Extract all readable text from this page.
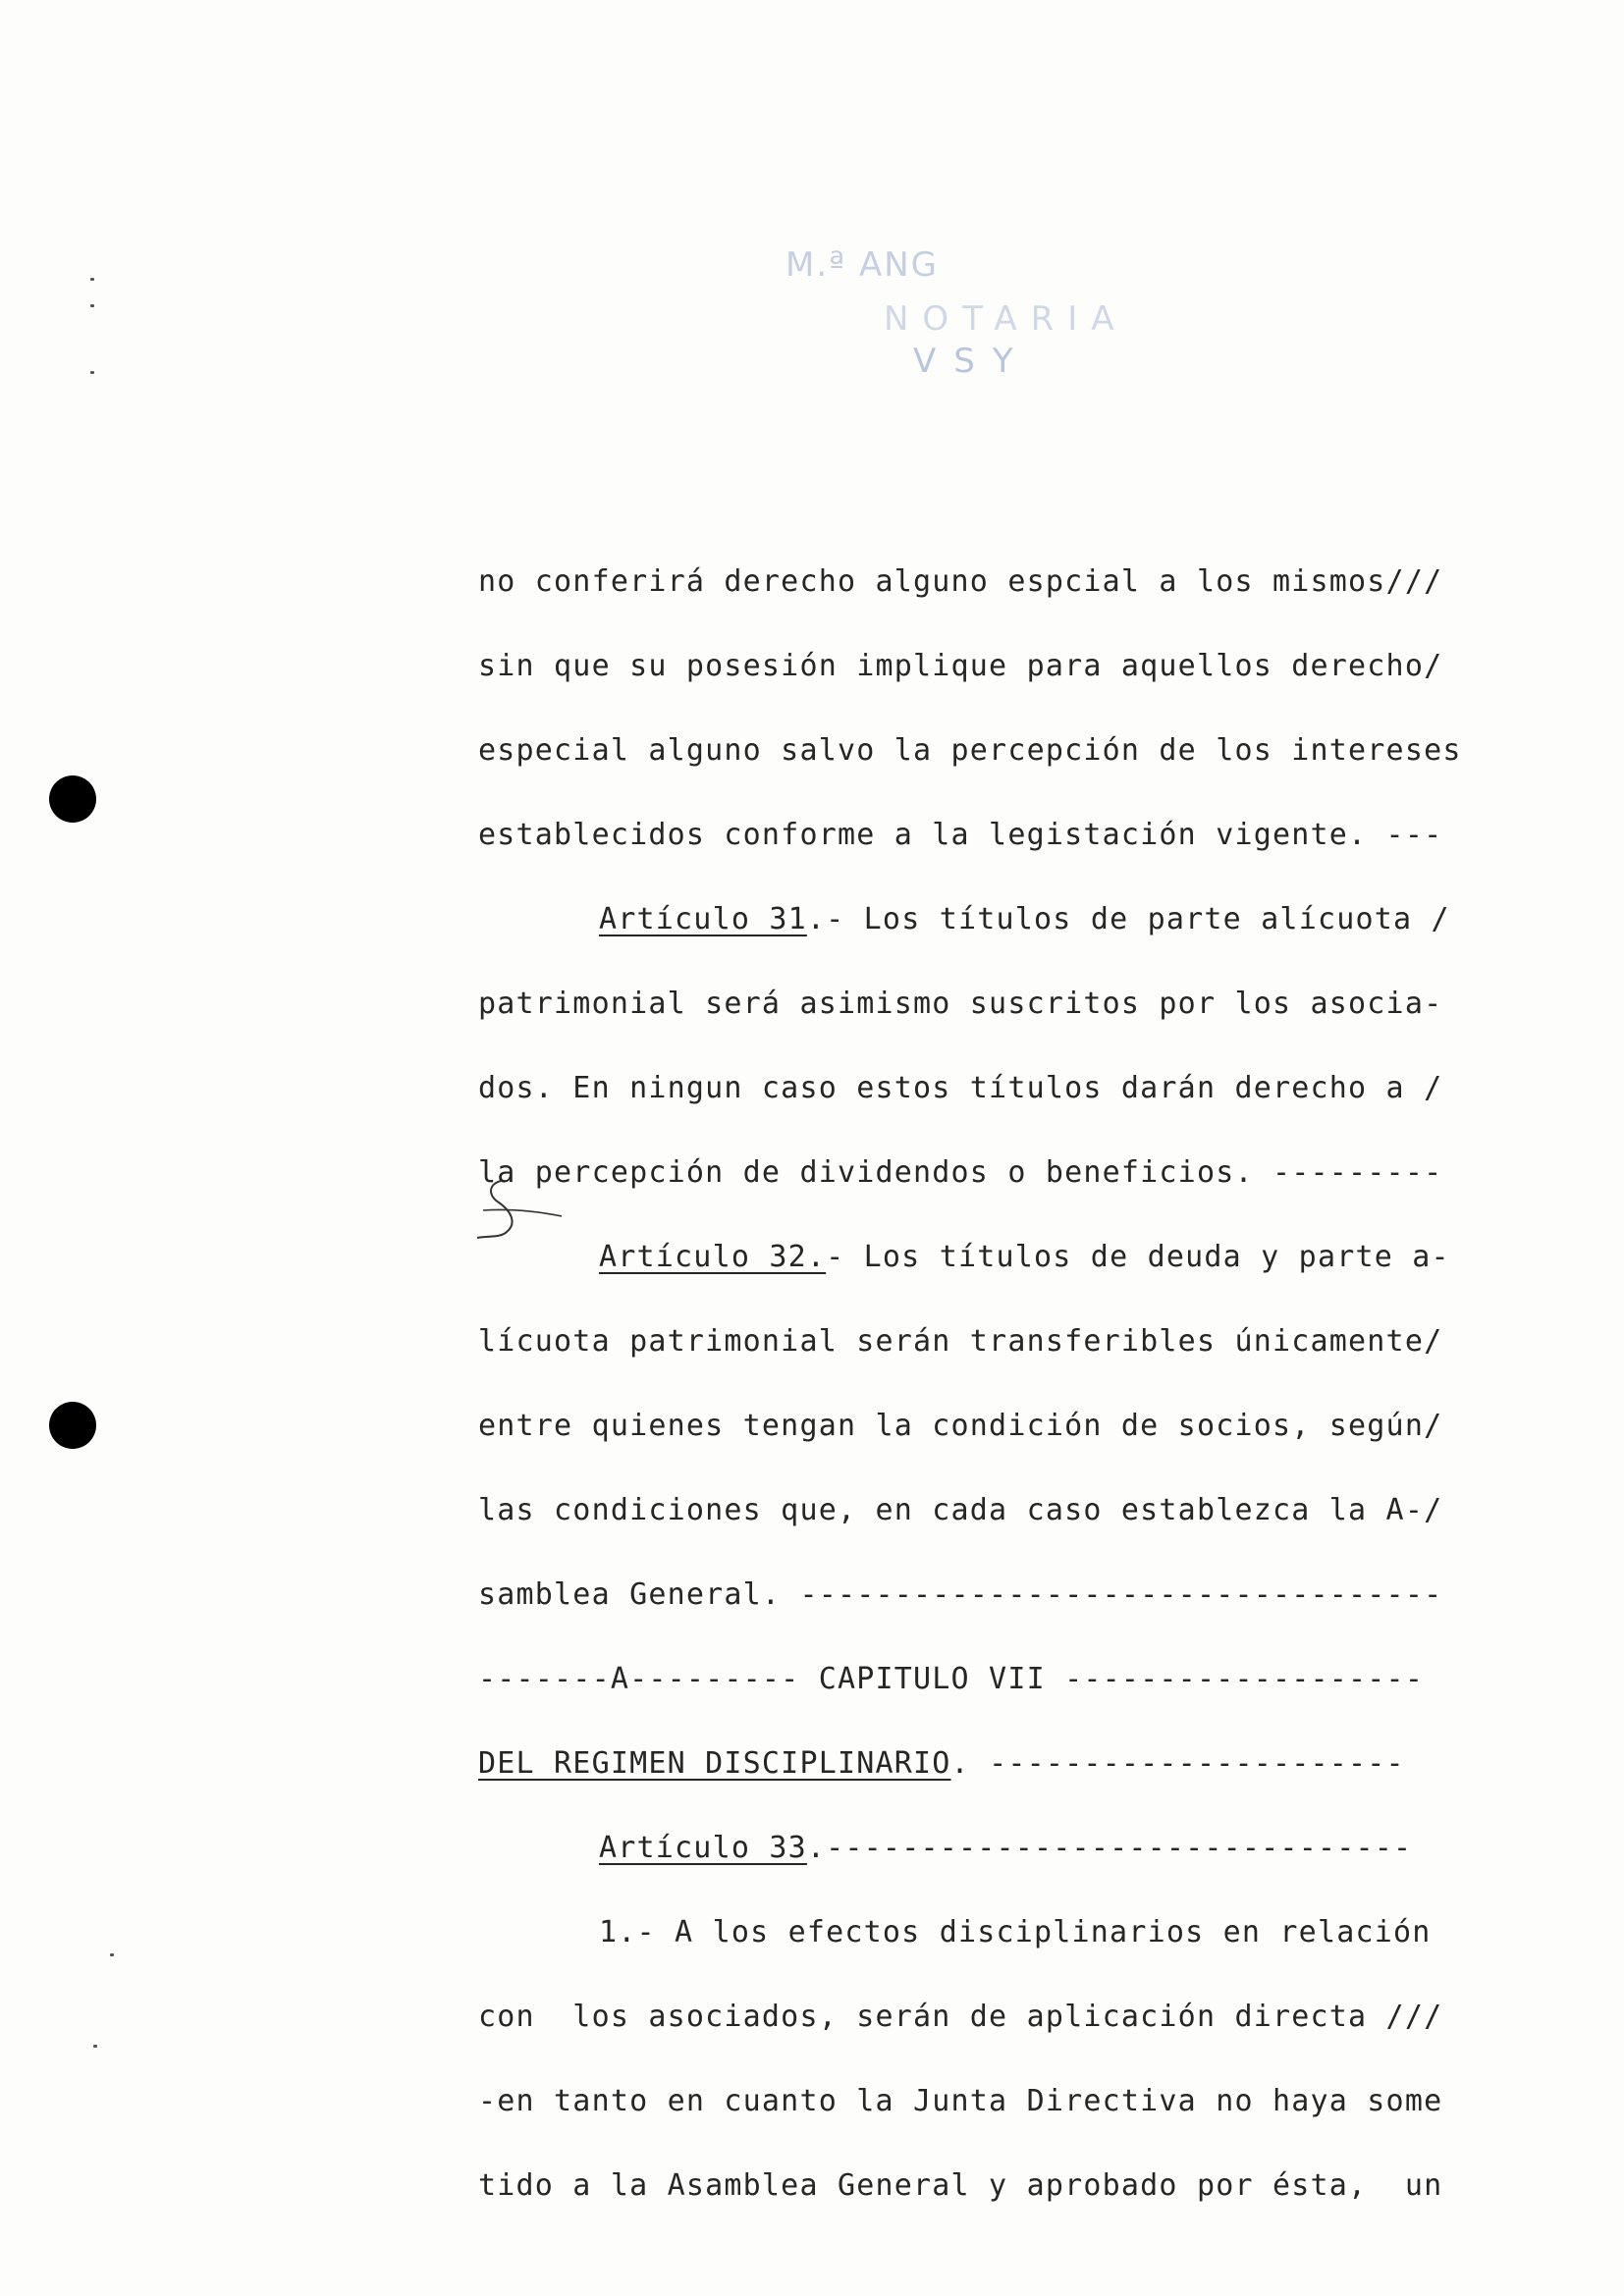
M.ª ANG
NOTARIA
VSY
no conferirá derecho alguno espcial a los mismos///
sin que su posesión implique para aquellos derecho/
especial alguno salvo la percepción de los intereses
establecidos conforme a la legistación vigente. ---
Artículo 31.- Los títulos de parte alícuota /
patrimonial será asimismo suscritos por los asocia-
dos. En ningun caso estos títulos darán derecho a /
la percepción de dividendos o beneficios. ---------
Artículo 32.- Los títulos de deuda y parte a-
lícuota patrimonial serán transferibles únicamente/
entre quienes tengan la condición de socios, según/
las condiciones que, en cada caso establezca la A-/
samblea General. ----------------------------------
-------A--------- CAPITULO VII -------------------
DEL REGIMEN DISCIPLINARIO. ----------------------
Artículo 33.-------------------------------
1.- A los efectos disciplinarios en relación
con  los asociados, serán de aplicación directa ///
-en tanto en cuanto la Junta Directiva no haya some
tido a la Asamblea General y aprobado por ésta,  un
